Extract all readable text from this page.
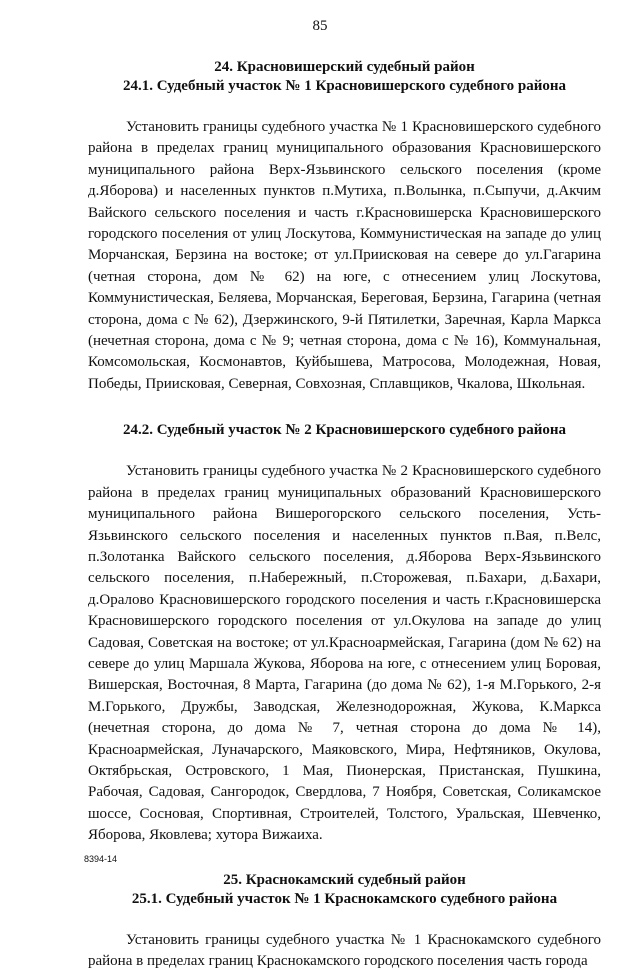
85
24. Красновишерский судебный район
24.1. Судебный участок № 1 Красновишерского судебного района

Установить границы судебного участка № 1 Красновишерского судебного района в пределах границ муниципального образования Красновишерского муниципального района Верх-Язьвинского сельского поселения (кроме д.Яборова) и населенных пунктов п.Мутиха, п.Волынка, п.Сыпучи, д.Акчим Вайского сельского поселения и часть г.Красновишерска Красновишерского городского поселения от улиц Лоскутова, Коммунистическая на западе до улиц Морчанская, Берзина на востоке; от ул.Приисковая на севере до ул.Гагарина (четная сторона, дом № 62) на юге, с отнесением улиц Лоскутова, Коммунистическая, Беляева, Морчанская, Береговая, Берзина, Гагарина (четная сторона, дома с № 62), Дзержинского, 9-й Пятилетки, Заречная, Карла Маркса (нечетная сторона, дома с № 9; четная сторона, дома с № 16), Коммунальная, Комсомольская, Космонавтов, Куйбышева, Матросова, Молодежная, Новая, Победы, Приисковая, Северная, Совхозная, Сплавщиков, Чкалова, Школьная.

24.2. Судебный участок № 2 Красновишерского судебного района

Установить границы судебного участка № 2 Красновишерского судебного района в пределах границ муниципальных образований Красновишерского муниципального района Вишерогорского сельского поселения, Усть-Язьвинского сельского поселения и населенных пунктов п.Вая, п.Велс, п.Золотанка Вайского сельского поселения, д.Яборова Верх-Язьвинского сельского поселения, п.Набережный, п.Сторожевая, п.Бахари, д.Бахари, д.Оралово Красновишерского городского поселения и часть г.Красновишерска Красновишерского городского поселения от ул.Окулова на западе до улиц Садовая, Советская на востоке; от ул.Красноармейская, Гагарина (дом № 62) на севере до улиц Маршала Жукова, Яборова на юге, с отнесением улиц Боровая, Вишерская, Восточная, 8 Марта, Гагарина (до дома № 62), 1-я М.Горького, 2-я М.Горького, Дружбы, Заводская, Железнодорожная, Жукова, К.Маркса (нечетная сторона, до дома № 7, четная сторона до дома № 14), Красноармейская, Луначарского, Маяковского, Мира, Нефтяников, Окулова, Октябрьская, Островского, 1 Мая, Пионерская, Пристанская, Пушкина, Рабочая, Садовая, Сангородок, Свердлова, 7 Ноября, Советская, Соликамское шоссе, Сосновая, Спортивная, Строителей, Толстого, Уральская, Шевченко, Яборова, Яковлева; хутора Вижаиха.

25. Краснокамский судебный район
25.1. Судебный участок № 1 Краснокамского судебного района

Установить границы судебного участка № 1 Краснокамского судебного района в пределах границ Краснокамского городского поселения часть города

8394-14
